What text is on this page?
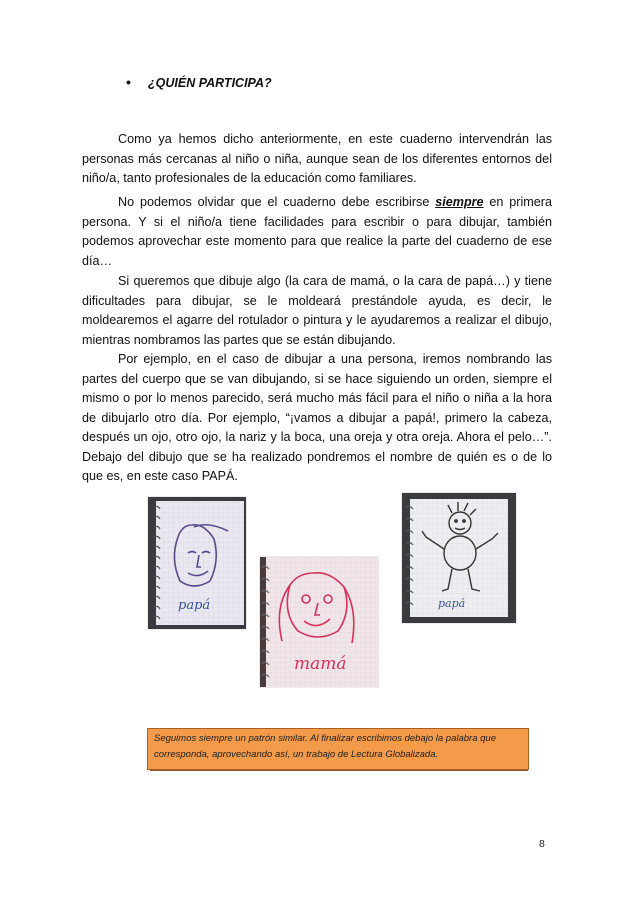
• ¿QUIÉN PARTICIPA?

Como ya hemos dicho anteriormente, en este cuaderno intervendrán las personas más cercanas al niño o niña, aunque sean de los diferentes entornos del niño/a, tanto profesionales de la educación como familiares.

No podemos olvidar que el cuaderno debe escribirse siempre en primera persona. Y si el niño/a tiene facilidades para escribir o para dibujar, también podemos aprovechar este momento para que realice la parte del cuaderno de ese día…

Si queremos que dibuje algo (la cara de mamá, o la cara de papá…) y tiene dificultades para dibujar, se le moldeará prestándole ayuda, es decir, le moldearemos el agarre del rotulador o pintura y le ayudaremos a realizar el dibujo, mientras nombramos las partes que se están dibujando.

Por ejemplo, en el caso de dibujar a una persona, iremos nombrando las partes del cuerpo que se van dibujando, si se hace siguiendo un orden, siempre el mismo o por lo menos parecido, será mucho más fácil para el niño o niña a la hora de dibujarlo otro día. Por ejemplo, “¡vamos a dibujar a papá!, primero la cabeza, después un ojo, otro ojo, la nariz y la boca, una oreja y otra oreja. Ahora el pelo…”. Debajo del dibujo que se ha realizado pondremos el nombre de quién es o de lo que es, en este caso PAPÁ.

papá
mamá
papá
Seguimos siempre un patrón similar. Al finalizar escribimos debajo la palabra que corresponda, aprovechando así, un trabajo de Lectura Globalizada.
8
